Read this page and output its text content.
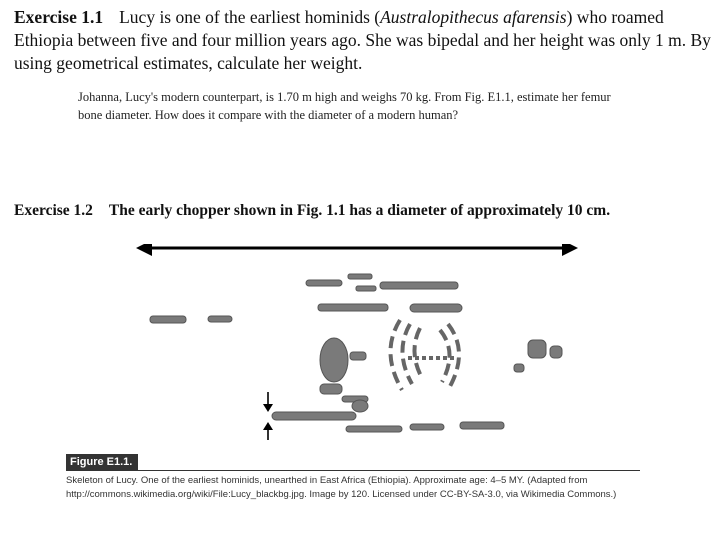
Exercise 1.1 Lucy is one of the earliest hominids (Australopithecus afarensis) who roamed Ethiopia between five and four million years ago. She was bipedal and her height was only 1 m. By using geometrical estimates, calculate her weight.
Johanna, Lucy's modern counterpart, is 1.70 m high and weighs 70 kg. From Fig. E1.1, estimate her femur bone diameter. How does it compare with the diameter of a modern human?
Exercise 1.2 The early chopper shown in Fig. 1.1 has a diameter of approximately 10 cm.
Figure E1.1.
Skeleton of Lucy. One of the earliest hominids, unearthed in East Africa (Ethiopia). Approximate age: 4–5 MY. (Adapted from http://commons.wikimedia.org/wiki/File:Lucy_blackbg.jpg. Image by 120. Licensed under CC-BY-SA-3.0, via Wikimedia Commons.)
